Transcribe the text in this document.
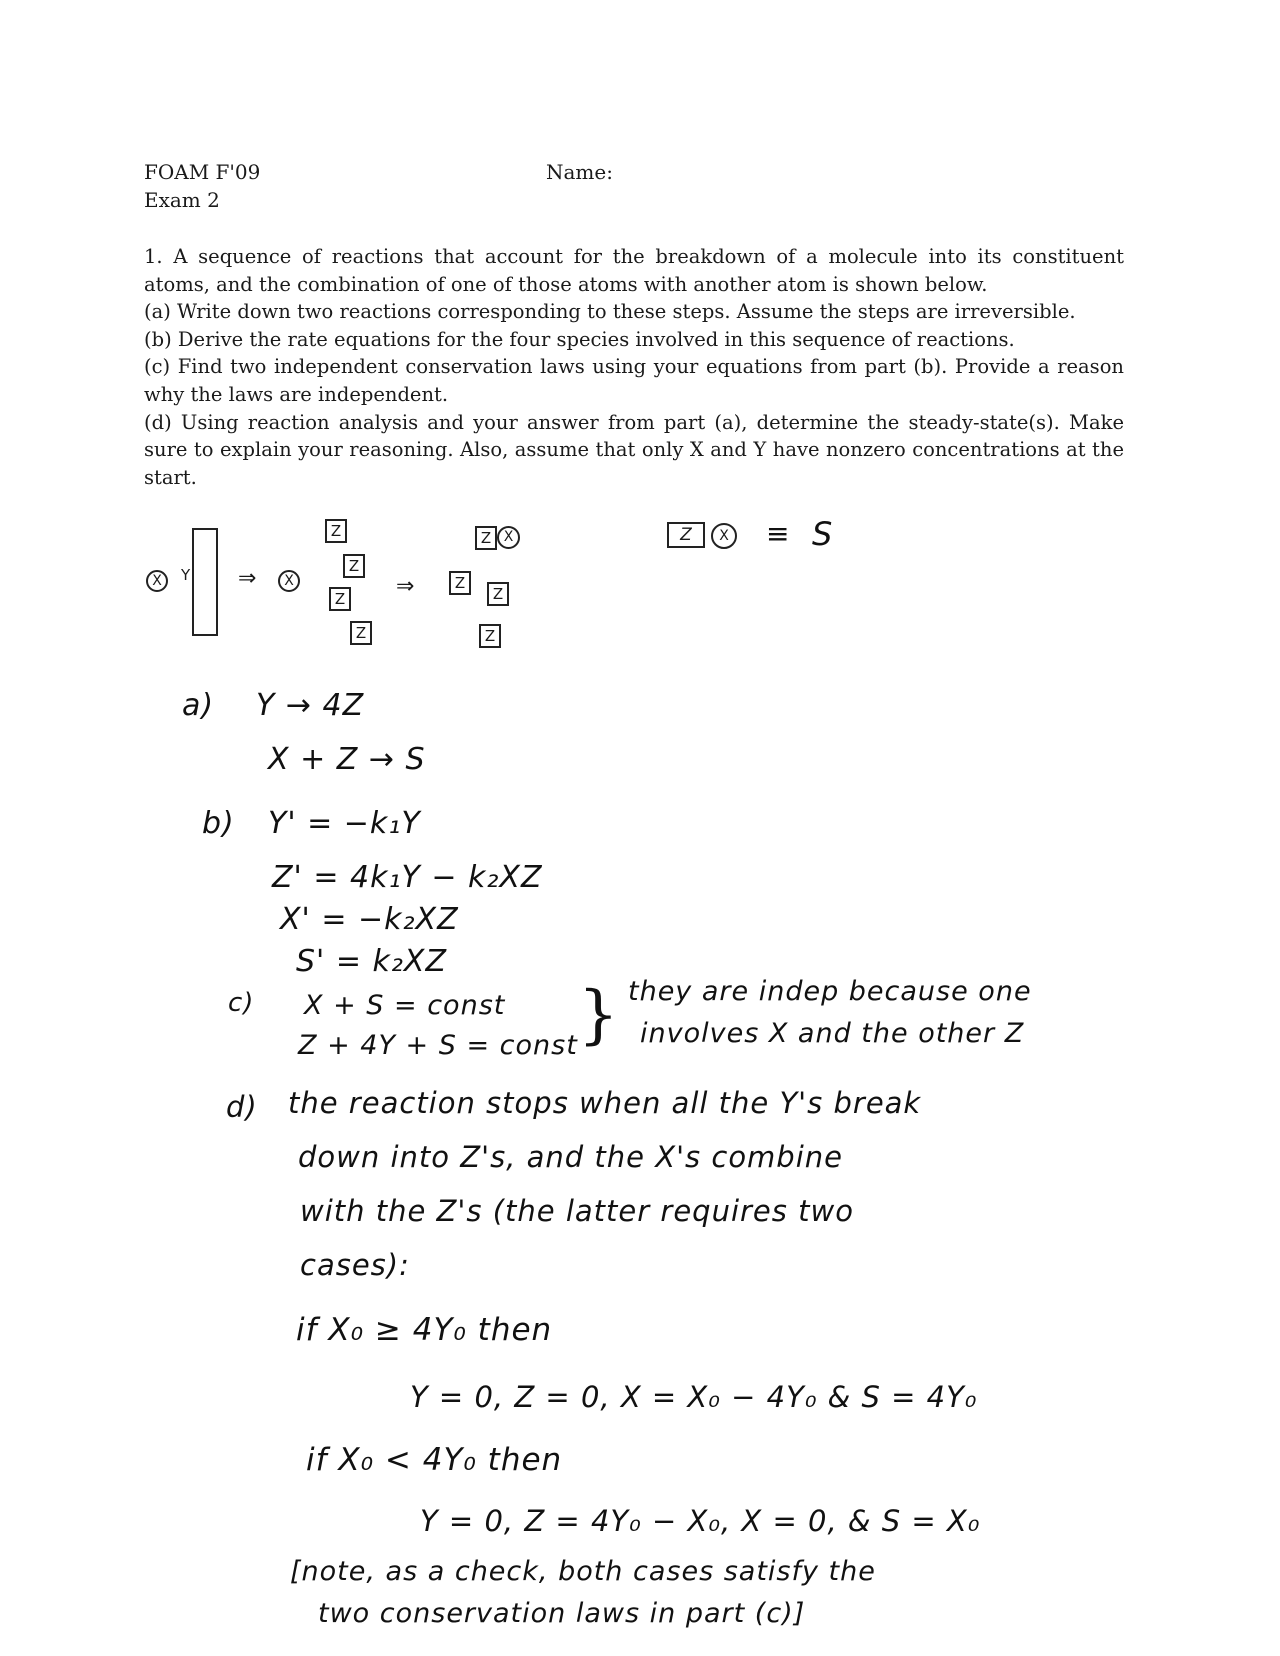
FOAM F'09
Exam 2
Name:

1. A sequence of reactions that account for the breakdown of a molecule into its constituent atoms, and the combination of one of those atoms with another atom is shown below.

(a) Write down two reactions corresponding to these steps. Assume the steps are irreversible.

(b) Derive the rate equations for the four species involved in this sequence of reactions.

(c) Find two independent conservation laws using your equations from part (b). Provide a reason why the laws are independent.

(d) Using reaction analysis and your answer from part (a), determine the steady-state(s). Make sure to explain your reasoning. Also, assume that only X and Y have nonzero concentrations at the start.

X	Y ⇒	X
Z
Z
Z
Z
⇒
Z X
Z
Z
Z
Z	X ≡ S
a) Y → 4Z
X + Z → S
b) Y' = −k₁Y
Z' = 4k₁Y − k₂XZ
X' = −k₂XZ
S' = k₂XZ
c) X + S = const
Z + 4Y + S = const } they are indep because one
involves X and the other Z
d) the reaction stops when all the Y's break
down into Z's, and the X's combine
with the Z's (the latter requires two
cases):
if X₀ ≥ 4Y₀ then
Y = 0, Z = 0, X = X₀ − 4Y₀ & S = 4Y₀
if X₀ < 4Y₀ then
Y = 0, Z = 4Y₀ − X₀, X = 0, & S = X₀
[note, as a check, both cases satisfy the
two conservation laws in part (c)]
